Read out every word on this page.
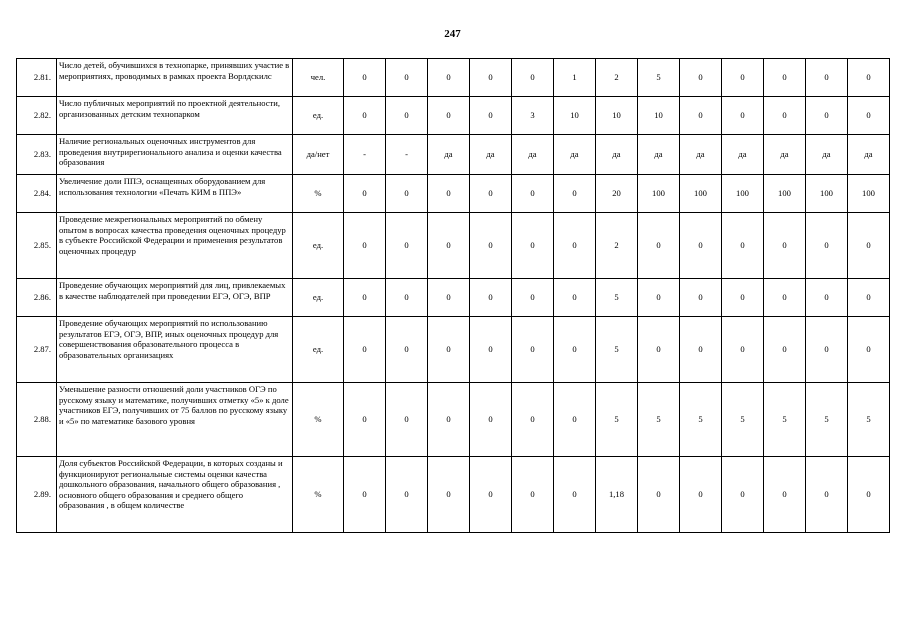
247
2.81.	Число детей, обучившихся в технопарке, принявших участие в мероприятиях, проводимых в рамках проекта Ворлдскилс	чел.	0	0	0	0	0	1	2	5	0	0	0	0	0
2.82.	Число публичных мероприятий по проектной деятельности, организованных детским технопарком	ед.	0	0	0	0	3	10	10	10	0	0	0	0	0
2.83.	Наличие региональных оценочных инструментов для проведения внутрирегионального анализа и оценки качества образования	да/нет	-	-	да	да	да	да	да	да	да	да	да	да	да
2.84.	Увеличение доли ППЭ, оснащенных оборудованием для использования технологии «Печать КИМ в ППЭ»	%	0	0	0	0	0	0	20	100	100	100	100	100	100
2.85.	Проведение межрегиональных мероприятий по обмену опытом в вопросах качества проведения оценочных процедур в субъекте Российской Федерации и применения результатов оценочных процедур	ед.	0	0	0	0	0	0	2	0	0	0	0	0	0
2.86.	Проведение обучающих мероприятий для лиц, привлекаемых в качестве наблюдателей при проведении ЕГЭ, ОГЭ, ВПР	ед.	0	0	0	0	0	0	5	0	0	0	0	0	0
2.87.	Проведение обучающих мероприятий по использованию результатов ЕГЭ, ОГЭ, ВПР, иных оценочных процедур для совершенствования образовательного процесса в образовательных организациях	ед.	0	0	0	0	0	0	5	0	0	0	0	0	0
2.88.	Уменьшение разности отношений доли участников ОГЭ по русскому языку и математике, получивших отметку «5» к доле участников ЕГЭ, получивших от 75 баллов по русскому языку и «5» по математике базового уровня	%	0	0	0	0	0	0	5	5	5	5	5	5	5
2.89.	Доля субъектов Российской Федерации, в которых созданы и функционируют региональные системы оценки качества дошкольного образования, начального общего образования , основного общего образования и среднего общего образования , в общем количестве	%	0	0	0	0	0	0	1,18	0	0	0	0	0	0
